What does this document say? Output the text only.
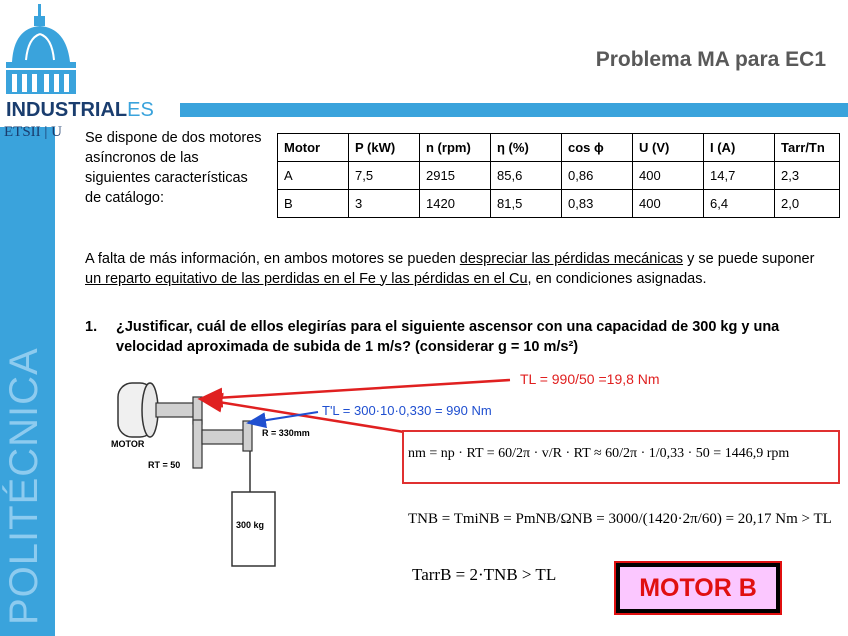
POLITÉCNICA
INDUSTRIALES
ETSII | U
Problema MA para EC1
Se dispone de dos motores asíncronos de las siguientes características de catálogo:
Motor	P (kW)	n (rpm)	η (%)	cos ϕ	U (V)	I (A)	Tarr/Tn
A	7,5	2915	85,6	0,86	400	14,7	2,3
B	3	1420	81,5	0,83	400	6,4	2,0
A falta de más información, en ambos motores se pueden despreciar las pérdidas mecánicas y se puede suponer un reparto equitativo de las perdidas en el Fe y las pérdidas en el Cu, en condiciones asignadas.
1. ¿Justificar, cuál de ellos elegirías para el siguiente ascensor con una capacidad de 300 kg y una velocidad aproximada de subida de 1 m/s? (considerar g = 10 m/s²)
MOTOR
RT = 50
R = 330mm
300 kg
TL = 990/50 =19,8 Nm
T'L = 300·10·0,330 = 990 Nm
nm = np · RT = 60/2π · v/R · RT ≈ 60/2π · 1/0,33 · 50 = 1446,9 rpm
TNB = TmiNB = PmNB/ΩNB = 3000/(1420·2π/60) = 20,17 Nm > TL
TarrB = 2·TNB > TL	MOTOR B
